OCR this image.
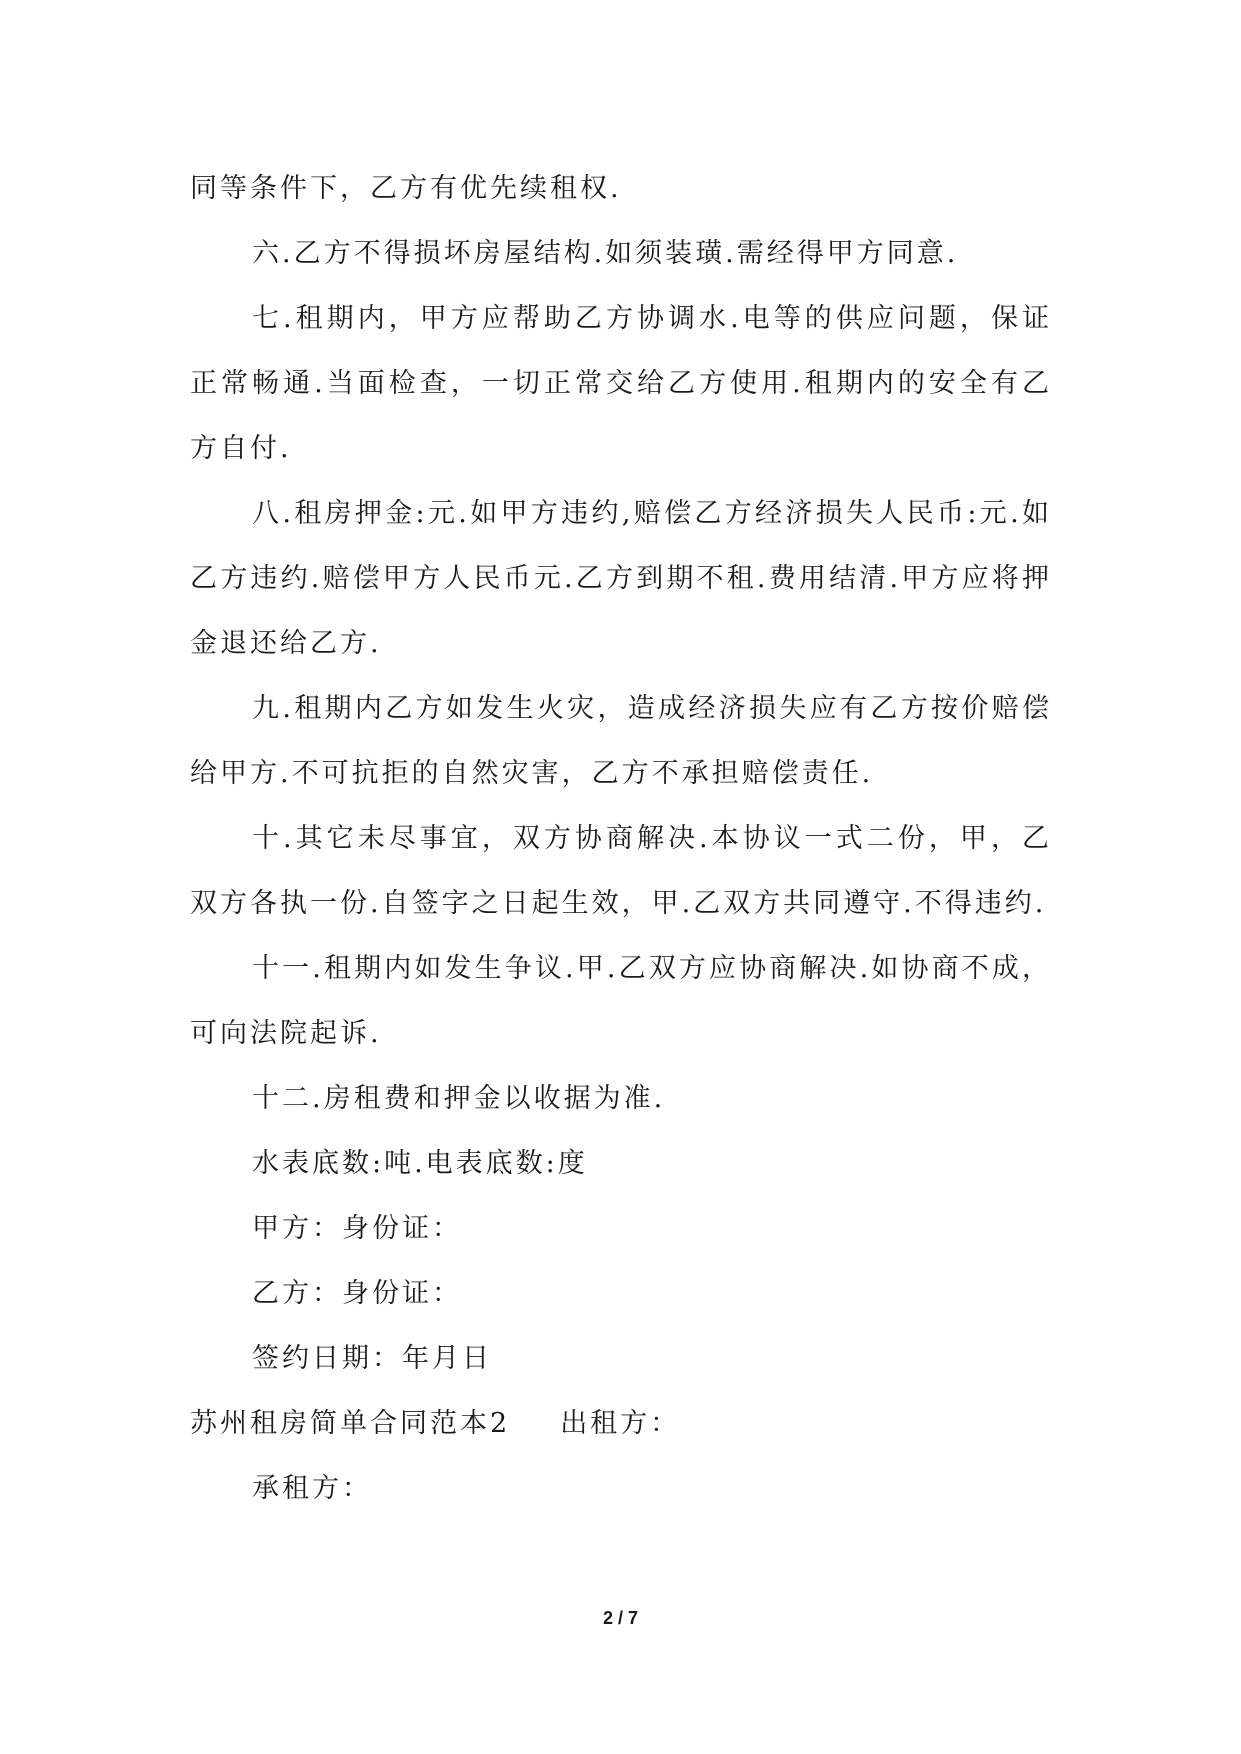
同等条件下，乙方有优先续租权.

六.乙方不得损坏房屋结构.如须装璜.需经得甲方同意.

七.租期内，甲方应帮助乙方协调水.电等的供应问题，保证正常畅通.当面检查，一切正常交给乙方使用.租期内的安全有乙方自付.

八.租房押金:元.如甲方违约,赔偿乙方经济损失人民币:元.如乙方违约.赔偿甲方人民币元.乙方到期不租.费用结清.甲方应将押金退还给乙方.

九.租期内乙方如发生火灾，造成经济损失应有乙方按价赔偿给甲方.不可抗拒的自然灾害，乙方不承担赔偿责任.

十.其它未尽事宜，双方协商解决.本协议一式二份，甲，乙双方各执一份.自签字之日起生效，甲.乙双方共同遵守.不得违约.

十一.租期内如发生争议.甲.乙双方应协商解决.如协商不成，可向法院起诉.

十二.房租费和押金以收据为准.

水表底数:吨.电表底数:度

甲方：身份证：

乙方：身份证：

签约日期：年月日

苏州租房简单合同范本2 出租方：

承租方：

2 / 7
